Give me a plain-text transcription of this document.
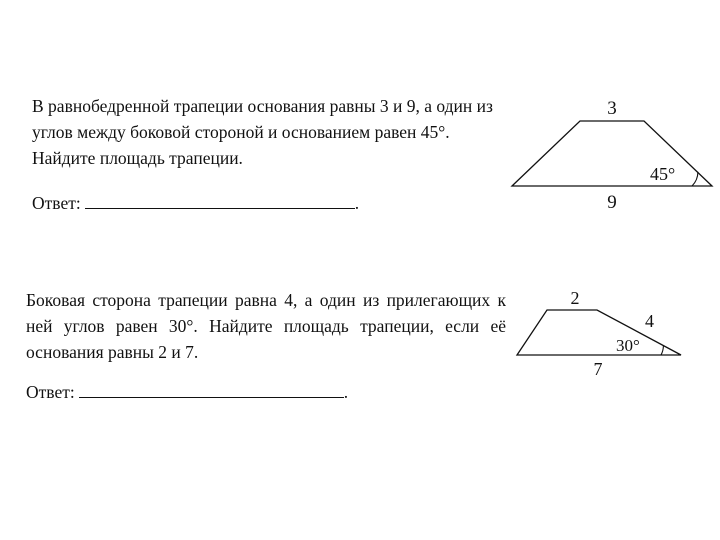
В равнобедренной трапеции основания равны 3 и 9, а один из углов между боковой стороной и основанием равен 45°. Найдите площадь трапеции.

Ответ:	.
3
9
45°

Боковая сторона трапеции равна 4, а один из прилегающих к ней углов равен 30°. Найдите площадь трапеции, если её основания равны 2 и 7.

Ответ:	.
2
4
30°
7
